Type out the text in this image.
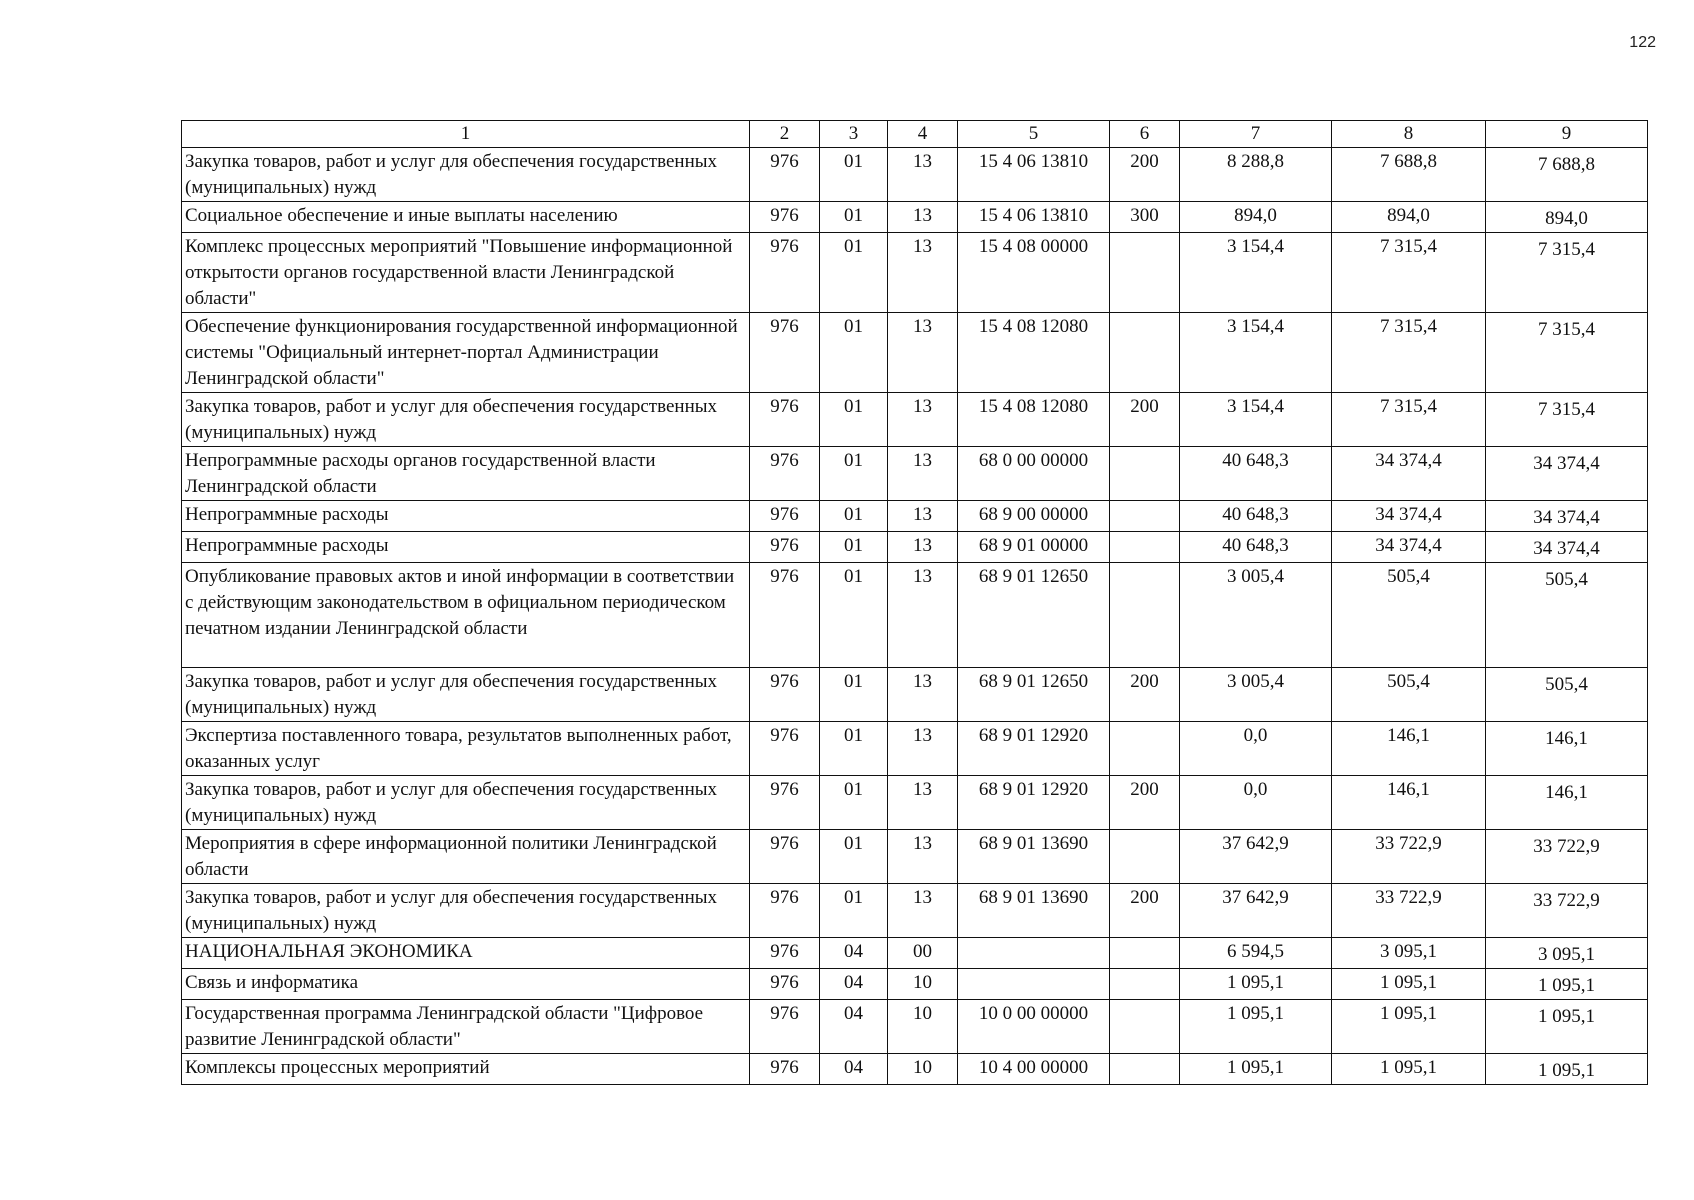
122
1	2	3	4	5	6	7	8	9
Закупка товаров, работ и услуг для обеспечения государственных (муниципальных) нужд	976	01	13	15 4 06 13810	200	8 288,8	7 688,8	7 688,8
Социальное обеспечение и иные выплаты населению	976	01	13	15 4 06 13810	300	894,0	894,0	894,0
Комплекс процессных мероприятий "Повышение информационной открытости органов государственной власти Ленинградской области"	976	01	13	15 4 08 00000		3 154,4	7 315,4	7 315,4
Обеспечение функционирования государственной информационной системы "Официальный интернет-портал Администрации Ленинградской области"	976	01	13	15 4 08 12080		3 154,4	7 315,4	7 315,4
Закупка товаров, работ и услуг для обеспечения государственных (муниципальных) нужд	976	01	13	15 4 08 12080	200	3 154,4	7 315,4	7 315,4
Непрограммные расходы органов государственной власти Ленинградской области	976	01	13	68 0 00 00000		40 648,3	34 374,4	34 374,4
Непрограммные расходы	976	01	13	68 9 00 00000		40 648,3	34 374,4	34 374,4
Непрограммные расходы	976	01	13	68 9 01 00000		40 648,3	34 374,4	34 374,4
Опубликование правовых актов и иной информации в соответствии с действующим законодательством в официальном периодическом печатном издании Ленинградской области	976	01	13	68 9 01 12650		3 005,4	505,4	505,4
Закупка товаров, работ и услуг для обеспечения государственных (муниципальных) нужд	976	01	13	68 9 01 12650	200	3 005,4	505,4	505,4
Экспертиза поставленного товара, результатов выполненных работ, оказанных услуг	976	01	13	68 9 01 12920		0,0	146,1	146,1
Закупка товаров, работ и услуг для обеспечения государственных (муниципальных) нужд	976	01	13	68 9 01 12920	200	0,0	146,1	146,1
Мероприятия в сфере информационной политики Ленинградской области	976	01	13	68 9 01 13690		37 642,9	33 722,9	33 722,9
Закупка товаров, работ и услуг для обеспечения государственных (муниципальных) нужд	976	01	13	68 9 01 13690	200	37 642,9	33 722,9	33 722,9
НАЦИОНАЛЬНАЯ ЭКОНОМИКА	976	04	00			6 594,5	3 095,1	3 095,1
Связь и информатика	976	04	10			1 095,1	1 095,1	1 095,1
Государственная программа Ленинградской области "Цифровое развитие Ленинградской области"	976	04	10	10 0 00 00000		1 095,1	1 095,1	1 095,1
Комплексы процессных мероприятий	976	04	10	10 4 00 00000		1 095,1	1 095,1	1 095,1
